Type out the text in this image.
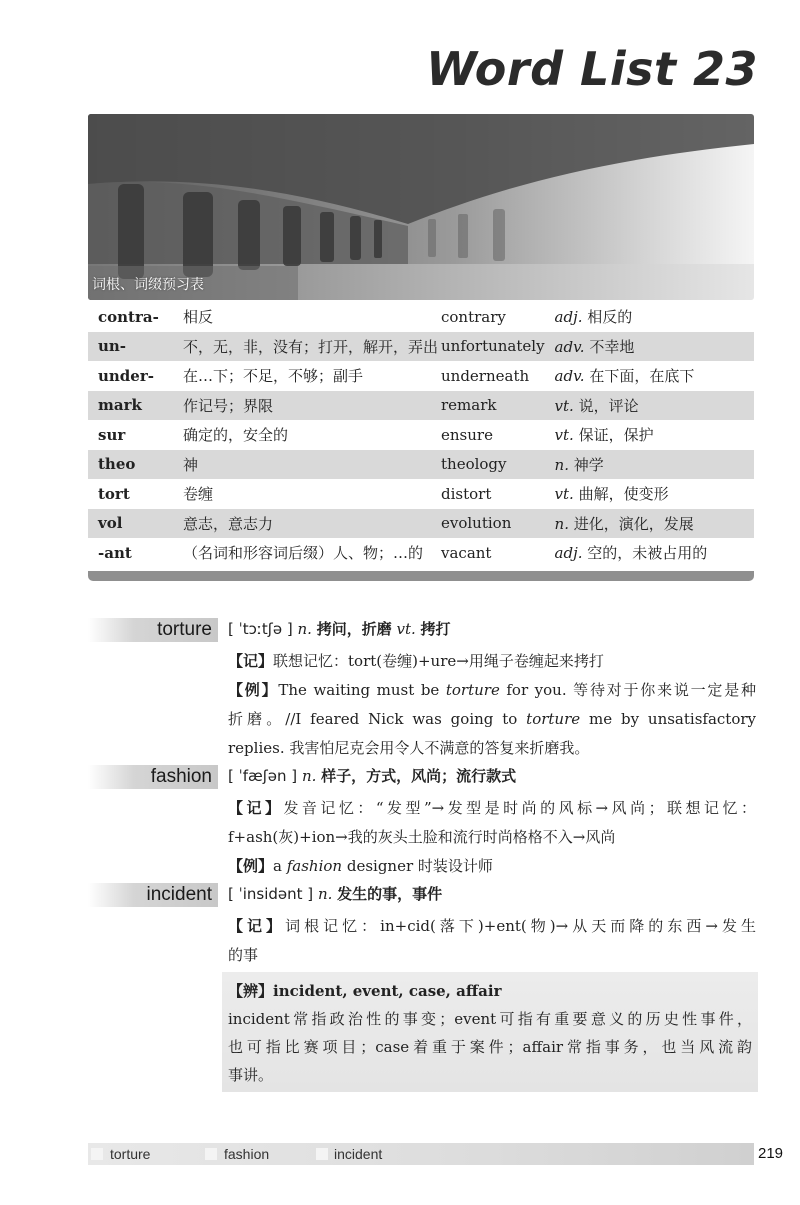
Word List 23
词根、词缀预习表
contra-	相反	contrary	adj. 相反的
un-	不，无，非，没有；打开，解开，弄出	unfortunately	adv. 不幸地
under-	在…下；不足，不够；副手	underneath	adv. 在下面，在底下
mark	作记号；界限	remark	vt. 说，评论
sur	确定的，安全的	ensure	vt. 保证，保护
theo	神	theology	n. 神学
tort	卷缠	distort	vt. 曲解，使变形
vol	意志，意志力	evolution	n. 进化，演化，发展
-ant	（名词和形容词后缀）人、物；…的	vacant	adj. 空的，未被占用的
torture [ ˈtɔːtʃə ] n. 拷问，折磨 vt. 拷打
【记】联想记忆：tort(卷缠)+ure→用绳子卷缠起来拷打
【例】The waiting must be torture for you. 等待对于你来说一定是种
折磨。//I feared Nick was going to torture me by unsatisfactory
replies. 我害怕尼克会用令人不满意的答复来折磨我。
fashion [ ˈfæʃən ] n. 样子，方式，风尚；流行款式
【记】发音记忆：“发型”→发型是时尚的风标→风尚；联想记忆：
f+ash(灰)+ion→我的灰头土脸和流行时尚格格不入→风尚
【例】a fashion designer 时装设计师
incident [ ˈinsidənt ] n. 发生的事，事件
【记】词根记忆：in+cid(落下)+ent(物)→从天而降的东西→发生
的事
【辨】incident, event, case, affair
incident常指政治性的事变；event可指有重要意义的历史性事件，
也可指比赛项目；case着重于案件；affair常指事务，也当风流韵
事讲。
torture	fashion	incident	219
